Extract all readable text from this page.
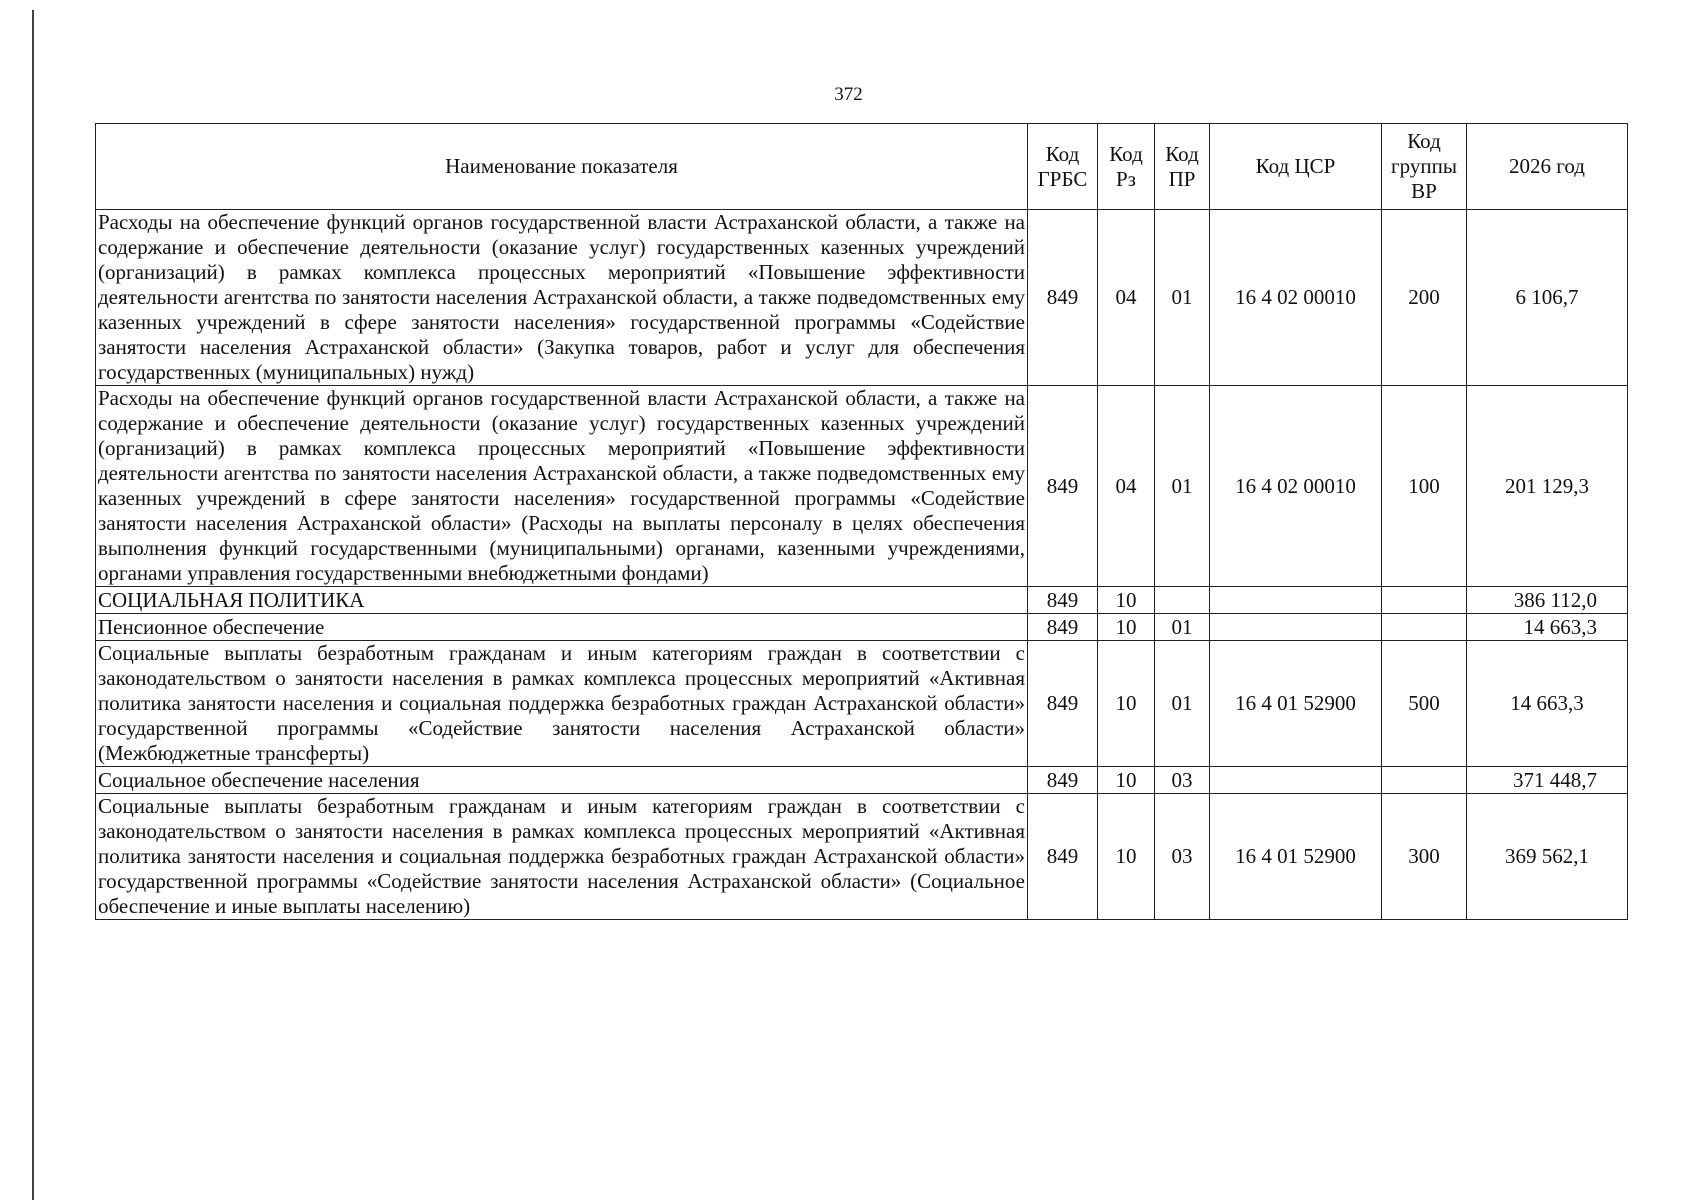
372
Наименование показателя	Код ГРБС	Код Рз	Код ПР	Код ЦСР	Код группы ВР	2026 год
Расходы на обеспечение функций органов государственной власти Астраханской области, а также на содержание и обеспечение деятельности (оказание услуг) государственных казенных учреждений (организаций) в рамках комплекса процессных мероприятий «Повышение эффективности деятельности агентства по занятости населения Астраханской области, а также подведомственных ему казенных учреждений в сфере занятости населения» государственной программы «Содействие занятости населения Астраханской области» (Закупка товаров, работ и услуг для обеспечения государственных (муниципальных) нужд)	849	04	01	16 4 02 00010	200	6 106,7
Расходы на обеспечение функций органов государственной власти Астраханской области, а также на содержание и обеспечение деятельности (оказание услуг) государственных казенных учреждений (организаций) в рамках комплекса процессных мероприятий «Повышение эффективности деятельности агентства по занятости населения Астраханской области, а также подведомственных ему казенных учреждений в сфере занятости населения» государственной программы «Содействие занятости населения Астраханской области» (Расходы на выплаты персоналу в целях обеспечения выполнения функций государственными (муниципальными) органами, казенными учреждениями, органами управления государственными внебюджетными фондами)	849	04	01	16 4 02 00010	100	201 129,3
СОЦИАЛЬНАЯ ПОЛИТИКА	849	10				386 112,0
Пенсионное обеспечение	849	10	01			14 663,3
Социальные выплаты безработным гражданам и иным категориям граждан в соответствии с законодательством о занятости населения в рамках комплекса процессных мероприятий «Активная политика занятости населения и социальная поддержка безработных граждан Астраханской области» государственной программы «Содействие занятости населения Астраханской области» (Межбюджетные трансферты)	849	10	01	16 4 01 52900	500	14 663,3
Социальное обеспечение населения	849	10	03			371 448,7
Социальные выплаты безработным гражданам и иным категориям граждан в соответствии с законодательством о занятости населения в рамках комплекса процессных мероприятий «Активная политика занятости населения и социальная поддержка безработных граждан Астраханской области» государственной программы «Содействие занятости населения Астраханской области» (Социальное обеспечение и иные выплаты населению)	849	10	03	16 4 01 52900	300	369 562,1
